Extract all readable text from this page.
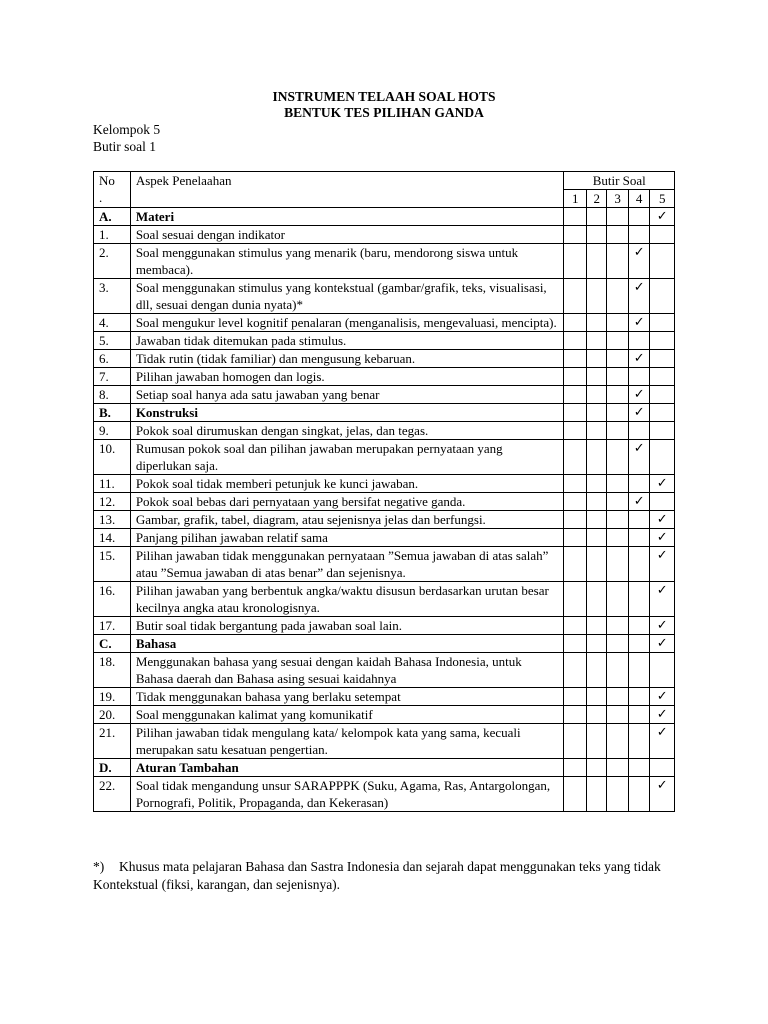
INSTRUMEN TELAAH SOAL HOTS
BENTUK TES PILIHAN GANDA
Kelompok 5
Butir soal 1
No
.	Aspek Penelaahan	Butir Soal				
		1	2	3	4	5
A.	Materi					✓
1.	Soal sesuai dengan indikator					
2.	Soal menggunakan stimulus yang menarik (baru, mendorong siswa untuk membaca).				✓	
3.	Soal menggunakan stimulus yang kontekstual (gambar/grafik, teks, visualisasi, dll, sesuai dengan dunia nyata)*				✓	
4.	Soal mengukur level kognitif penalaran (menganalisis, mengevaluasi, mencipta).				✓	
5.	Jawaban tidak ditemukan pada stimulus.					
6.	Tidak rutin (tidak familiar) dan mengusung kebaruan.				✓	
7.	Pilihan jawaban homogen dan logis.					
8.	Setiap soal hanya ada satu jawaban yang benar				✓	
B.	Konstruksi				✓	
9.	Pokok soal dirumuskan dengan singkat, jelas, dan tegas.					
10.	Rumusan pokok soal dan pilihan jawaban merupakan pernyataan yang diperlukan saja.				✓	
11.	Pokok soal tidak memberi petunjuk ke kunci jawaban.					✓
12.	Pokok soal bebas dari pernyataan yang bersifat negative ganda.				✓	
13.	Gambar, grafik, tabel, diagram, atau sejenisnya jelas dan berfungsi.					✓
14.	Panjang pilihan jawaban relatif sama					✓
15.	Pilihan jawaban tidak menggunakan pernyataan ”Semua jawaban di atas salah” atau ”Semua jawaban di atas benar” dan sejenisnya.					✓
16.	Pilihan jawaban yang berbentuk angka/waktu disusun berdasarkan urutan besar kecilnya angka atau kronologisnya.					✓
17.	Butir soal tidak bergantung pada jawaban soal lain.					✓
C.	Bahasa					✓
18.	Menggunakan bahasa yang sesuai dengan kaidah Bahasa Indonesia, untuk Bahasa daerah dan Bahasa asing sesuai kaidahnya					
19.	Tidak menggunakan bahasa yang berlaku setempat					✓
20.	Soal menggunakan kalimat yang komunikatif					✓
21.	Pilihan jawaban tidak mengulang kata/ kelompok kata yang sama, kecuali merupakan satu kesatuan pengertian.					✓
D.	Aturan Tambahan					
22.	Soal tidak mengandung unsur SARAPPPK (Suku, Agama, Ras, Antargolongan, Pornografi, Politik, Propaganda, dan Kekerasan)					✓
*) Khusus mata pelajaran Bahasa dan Sastra Indonesia dan sejarah dapat menggunakan teks yang tidak Kontekstual (fiksi, karangan, dan sejenisnya).
